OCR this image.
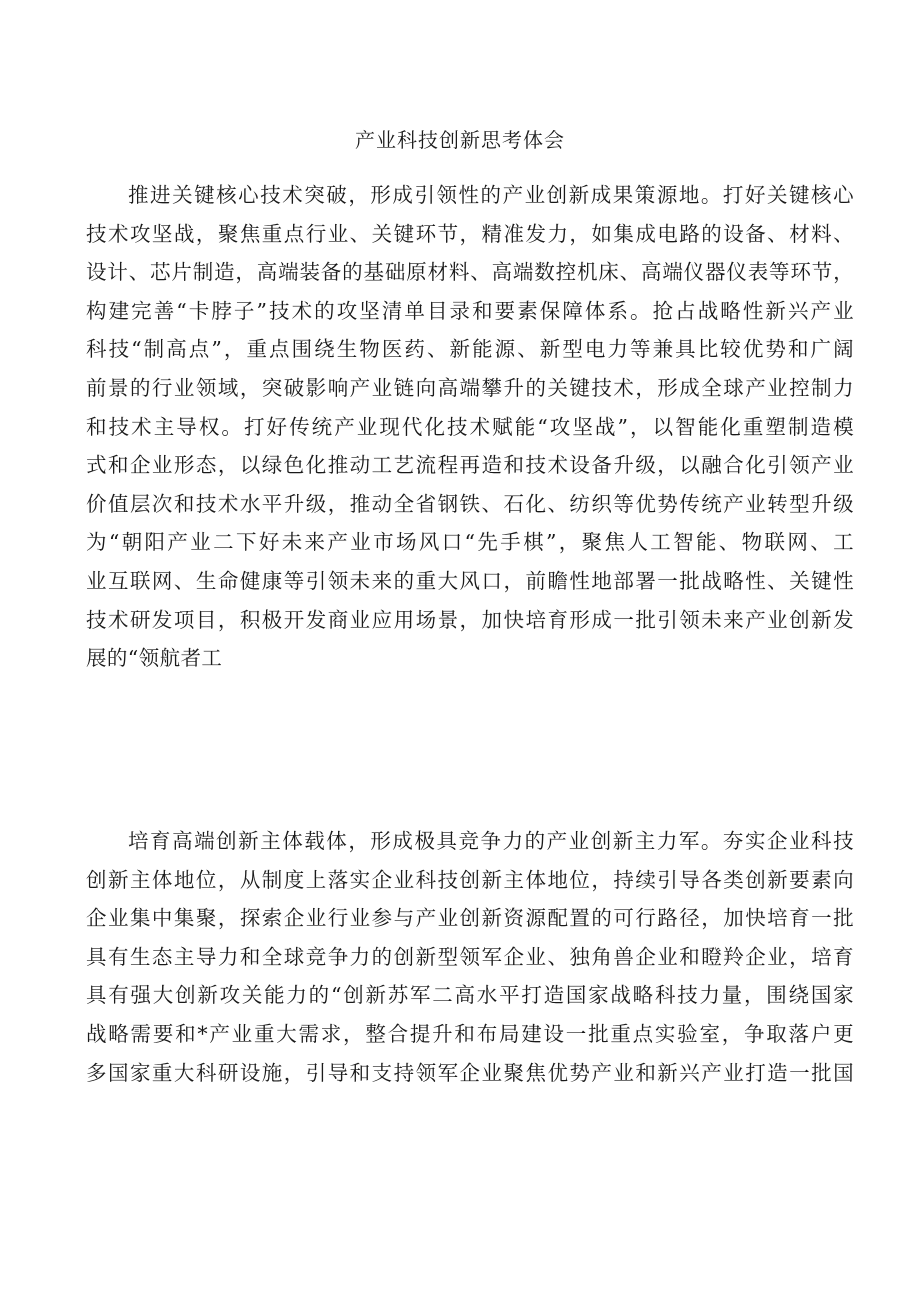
产业科技创新思考体会
推进关键核心技术突破，形成引领性的产业创新成果策源地。打好关键核心
技术攻坚战，聚焦重点行业、关键环节，精准发力，如集成电路的设备、材料、
设计、芯片制造，高端装备的基础原材料、高端数控机床、高端仪器仪表等环节，
构建完善“卡脖子”技术的攻坚清单目录和要素保障体系。抢占战略性新兴产业
科技“制高点”，重点围绕生物医药、新能源、新型电力等兼具比较优势和广阔
前景的行业领域，突破影响产业链向高端攀升的关键技术，形成全球产业控制力
和技术主导权。打好传统产业现代化技术赋能“攻坚战”，以智能化重塑制造模
式和企业形态，以绿色化推动工艺流程再造和技术设备升级，以融合化引领产业
价值层次和技术水平升级，推动全省钢铁、石化、纺织等优势传统产业转型升级
为“朝阳产业二下好未来产业市场风口“先手棋”，聚焦人工智能、物联网、工
业互联网、生命健康等引领未来的重大风口，前瞻性地部署一批战略性、关键性
技术研发项目，积极开发商业应用场景，加快培育形成一批引领未来产业创新发
展的“领航者工
培育高端创新主体载体，形成极具竞争力的产业创新主力军。夯实企业科技
创新主体地位，从制度上落实企业科技创新主体地位，持续引导各类创新要素向
企业集中集聚，探索企业行业参与产业创新资源配置的可行路径，加快培育一批
具有生态主导力和全球竞争力的创新型领军企业、独角兽企业和瞪羚企业，培育
具有强大创新攻关能力的“创新苏军二高水平打造国家战略科技力量，围绕国家
战略需要和*产业重大需求，整合提升和布局建设一批重点实验室，争取落户更
多国家重大科研设施，引导和支持领军企业聚焦优势产业和新兴产业打造一批国
